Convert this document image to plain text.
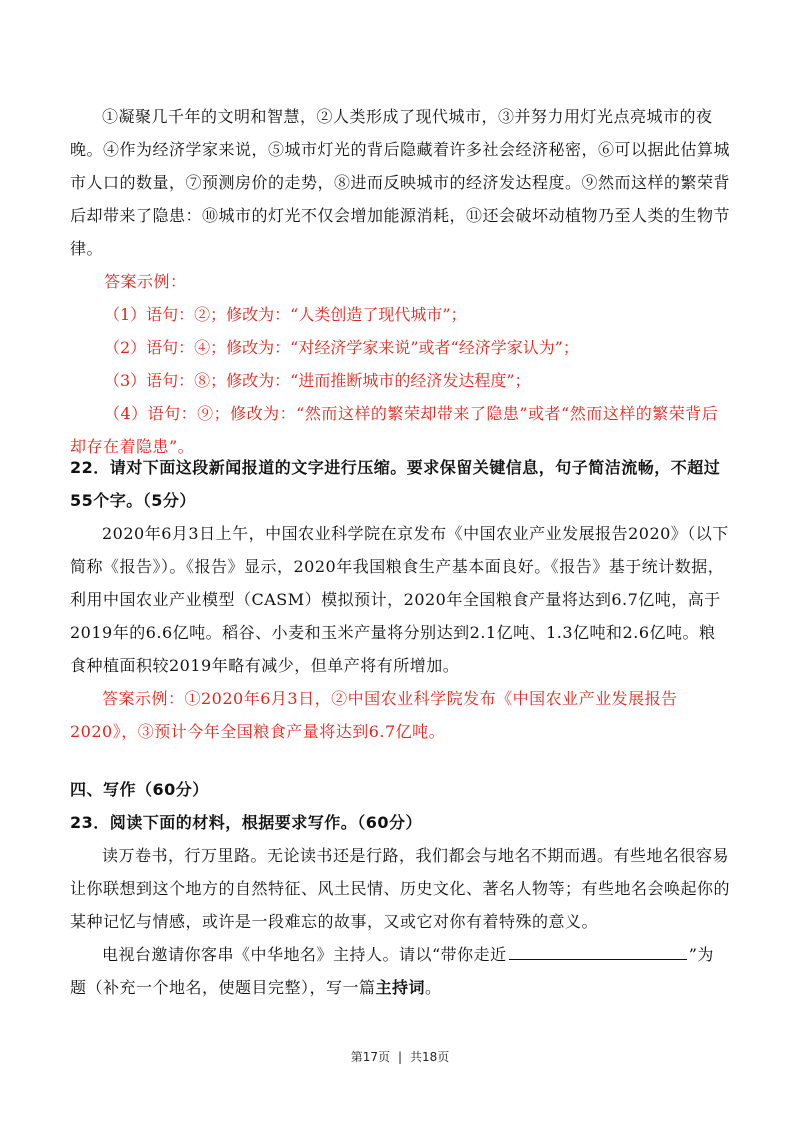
①凝聚几千年的文明和智慧，②人类形成了现代城市，③并努力用灯光点亮城市的夜晚。④作为经济学家来说，⑤城市灯光的背后隐藏着许多社会经济秘密，⑥可以据此估算城市人口的数量，⑦预测房价的走势，⑧进而反映城市的经济发达程度。⑨然而这样的繁荣背后却带来了隐患：⑩城市的灯光不仅会增加能源消耗，⑪还会破坏动植物乃至人类的生物节律。
答案示例：
（1）语句：②；修改为：“人类创造了现代城市”；
（2）语句：④；修改为：“对经济学家来说”或者“经济学家认为”；
（3）语句：⑧；修改为：“进而推断城市的经济发达程度”；
（4）语句：⑨；修改为：“然而这样的繁荣却带来了隐患”或者“然而这样的繁荣背后却存在着隐患”。
22．请对下面这段新闻报道的文字进行压缩。要求保留关键信息，句子简洁流畅，不超过55个字。（5分）
2020年6月3日上午，中国农业科学院在京发布《中国农业产业发展报告2020》（以下简称《报告》）。《报告》显示，2020年我国粮食生产基本面良好。《报告》基于统计数据，利用中国农业产业模型（CASM）模拟预计，2020年全国粮食产量将达到6.7亿吨，高于2019年的6.6亿吨。稻谷、小麦和玉米产量将分别达到2.1亿吨、1.3亿吨和2.6亿吨。粮食种植面积较2019年略有减少，但单产将有所增加。
答案示例：①2020年6月3日，②中国农业科学院发布《中国农业产业发展报告2020》，③预计今年全国粮食产量将达到6.7亿吨。
四、写作（60分）
23．阅读下面的材料，根据要求写作。（60分）
读万卷书，行万里路。无论读书还是行路，我们都会与地名不期而遇。有些地名很容易让你联想到这个地方的自然特征、风土民情、历史文化、著名人物等；有些地名会唤起你的某种记忆与情感，或许是一段难忘的故事，又或它对你有着特殊的意义。
电视台邀请你客串《中华地名》主持人。请以“带你走近	”为题（补充一个地名，使题目完整），写一篇主持词。
第17页 | 共18页
